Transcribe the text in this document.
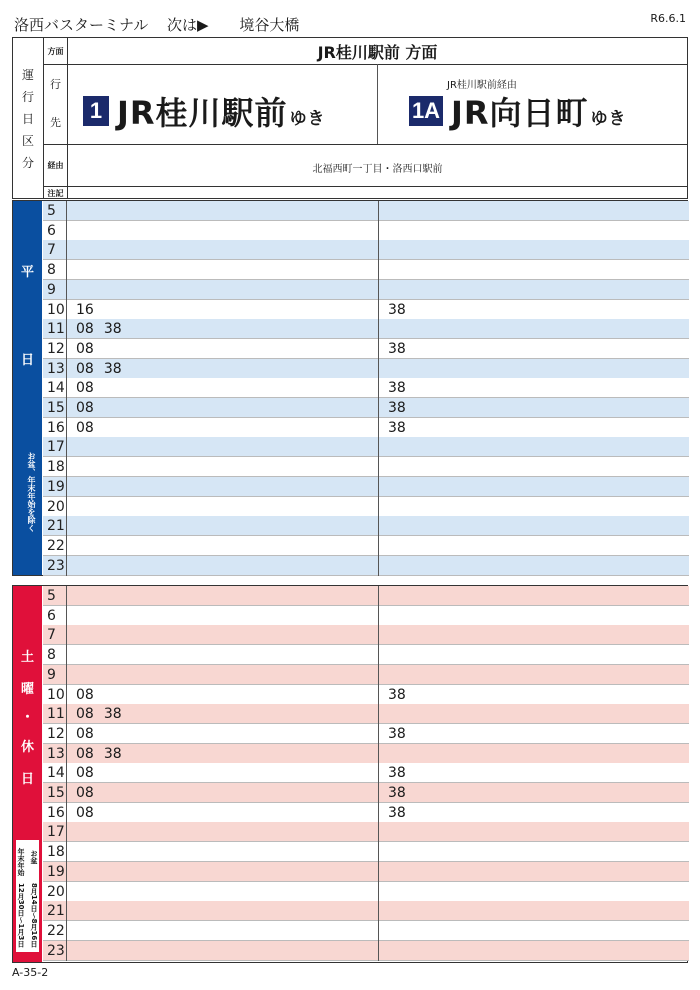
洛西バスターミナル 次は▶ 境谷大橋	R6.6.1
運
行
日
区
分
方面	JR桂川駅前 方面
行
先	1 JR桂川駅前 ゆき
JR桂川駅前経由
1A JR向日町 ゆき
経由	北福西町一丁目・洛西口駅前
注記
平
日
お盆、年末年始を除く
5
6
7
8
9
10 16	38
11 08 38
12 08	38
13 08 38
14 08	38
15 08	38
16 08	38
17
18
19
20
21
22
23
土
曜
・
休
日
お盆
年末年始
8月14日〜8月16日
12月30日〜1月3日
5
6
7
8
9
10 08	38
11 08 38
12 08	38
13 08 38
14 08	38
15 08	38
16 08	38
17
18
19
20
21
22
23
A-35-2
